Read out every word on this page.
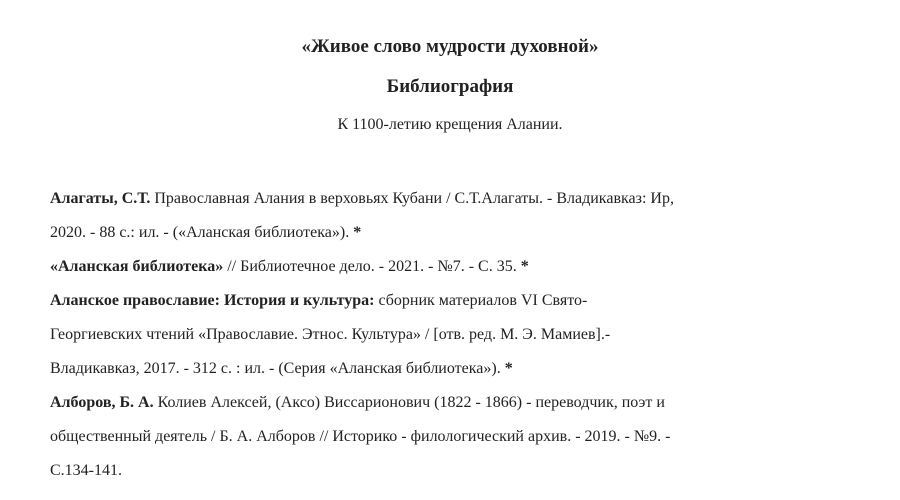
«Живое слово мудрости духовной»

Библиография

К 1100-летию крещения Алании.

Алагаты, С.Т. Православная Алания в верховьях Кубани / С.Т.Алагаты. - Владикавказ: Ир,
2020. - 88 с.: ил. - («Аланская библиотека»). *
«Аланская библиотека» // Библиотечное дело. - 2021. - №7. - С. 35. *
Аланское православие: История и культура: сборник материалов VI Свято-
Георгиевских чтений «Православие. Этнос. Культура» / [отв. ред. М. Э. Мамиев].-
Владикавказ, 2017. - 312 с. : ил. - (Серия «Аланская библиотека»). *
Алборов, Б. А. Колиев Алексей, (Аксо) Виссарионович (1822 - 1866) - переводчик, поэт и
общественный деятель / Б. А. Алборов // Историко - филологический архив. - 2019. - №9. -
С.134-141.
